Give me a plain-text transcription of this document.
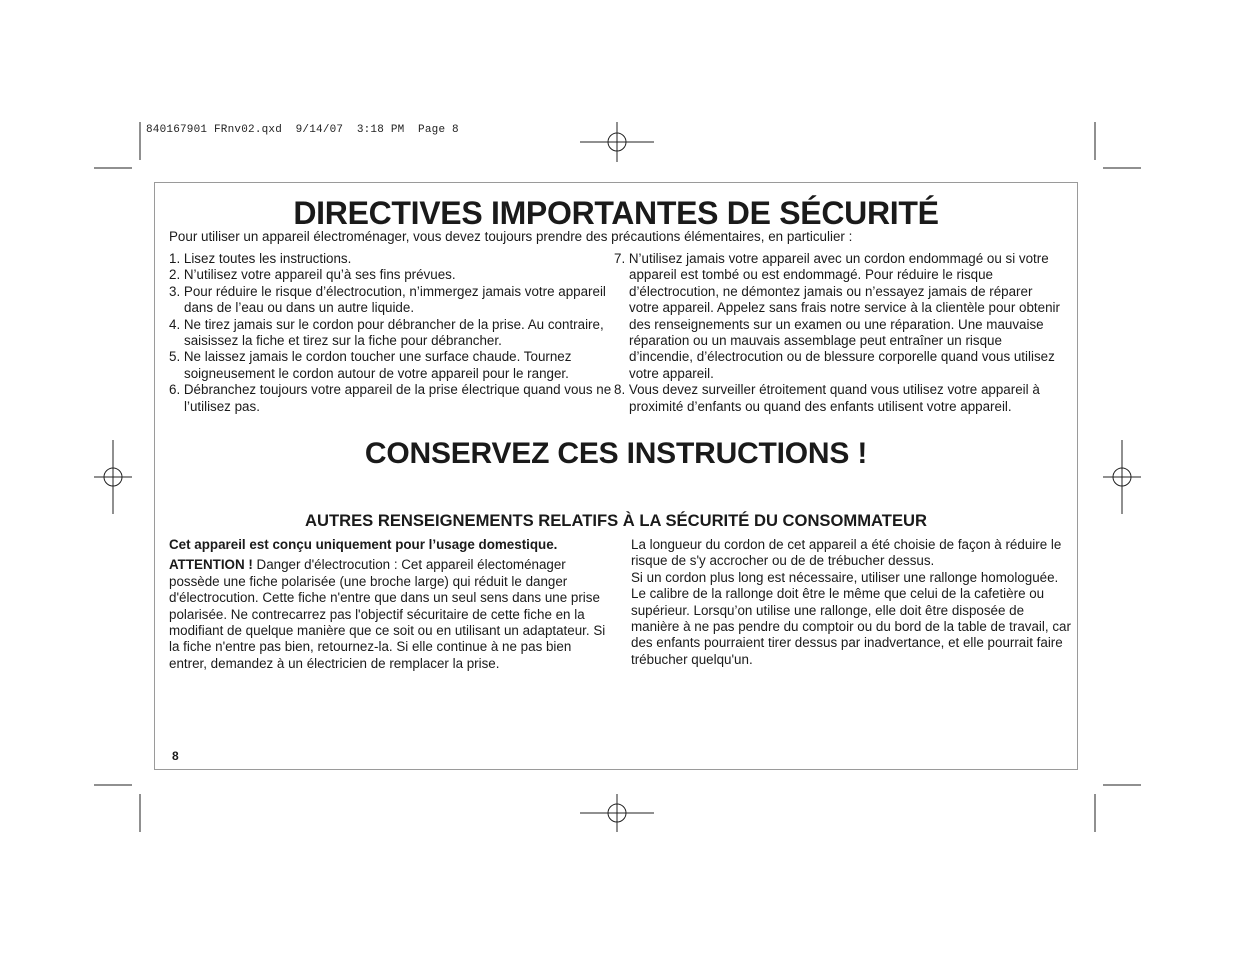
840167901 FRnv02.qxd  9/14/07  3:18 PM  Page 8
DIRECTIVES IMPORTANTES DE SÉCURITÉ

Pour utiliser un appareil électroménager, vous devez toujours prendre des précautions élémentaires, en particulier :

1. Lisez toutes les instructions.
2. N’utilisez votre appareil qu’à ses fins prévues.
3. Pour réduire le risque d’électrocution, n’immergez jamais votre appareil dans de l’eau ou dans un autre liquide.
4. Ne tirez jamais sur le cordon pour débrancher de la prise. Au contraire, saisissez la fiche et tirez sur la fiche pour débrancher.
5. Ne laissez jamais le cordon toucher une surface chaude. Tournez soigneusement le cordon autour de votre appareil pour le ranger.
6. Débranchez toujours votre appareil de la prise électrique quand vous ne l’utilisez pas.
7. N’utilisez jamais votre appareil avec un cordon endommagé ou si votre appareil est tombé ou est endommagé. Pour réduire le risque d’électrocution, ne démontez jamais ou n’essayez jamais de réparer votre appareil. Appelez sans frais notre service à la clientèle pour obtenir des renseignements sur un examen ou une réparation. Une mauvaise réparation ou un mauvais assemblage peut entraîner un risque d’incendie, d’électrocution ou de blessure corporelle quand vous utilisez votre appareil.
8. Vous devez surveiller étroitement quand vous utilisez votre appareil à proximité d’enfants ou quand des enfants utilisent votre appareil.
CONSERVEZ CES INSTRUCTIONS !
AUTRES RENSEIGNEMENTS RELATIFS À LA SÉCURITÉ DU CONSOMMATEUR

Cet appareil est conçu uniquement pour l’usage domestique.

ATTENTION ! Danger d'électrocution : Cet appareil électoménager possède une fiche polarisée (une broche large) qui réduit le danger d'électrocution. Cette fiche n'entre que dans un seul sens dans une prise polarisée. Ne contrecarrez pas l'objectif sécuritaire de cette fiche en la modifiant de quelque manière que ce soit ou en utilisant un adaptateur. Si la fiche n'entre pas bien, retournez-la. Si elle continue à ne pas bien entrer, demandez à un électricien de remplacer la prise.

La longueur du cordon de cet appareil a été choisie de façon à réduire le risque de s'y accrocher ou de de trébucher dessus.

Si un cordon plus long est nécessaire, utiliser une rallonge homologuée. Le calibre de la rallonge doit être le même que celui de la cafetière ou supérieur. Lorsqu’on utilise une rallonge, elle doit être disposée de manière à ne pas pendre du comptoir ou du bord de la table de travail, car des enfants pourraient tirer dessus par inadvertance, et elle pourrait faire trébucher quelqu'un.

8
